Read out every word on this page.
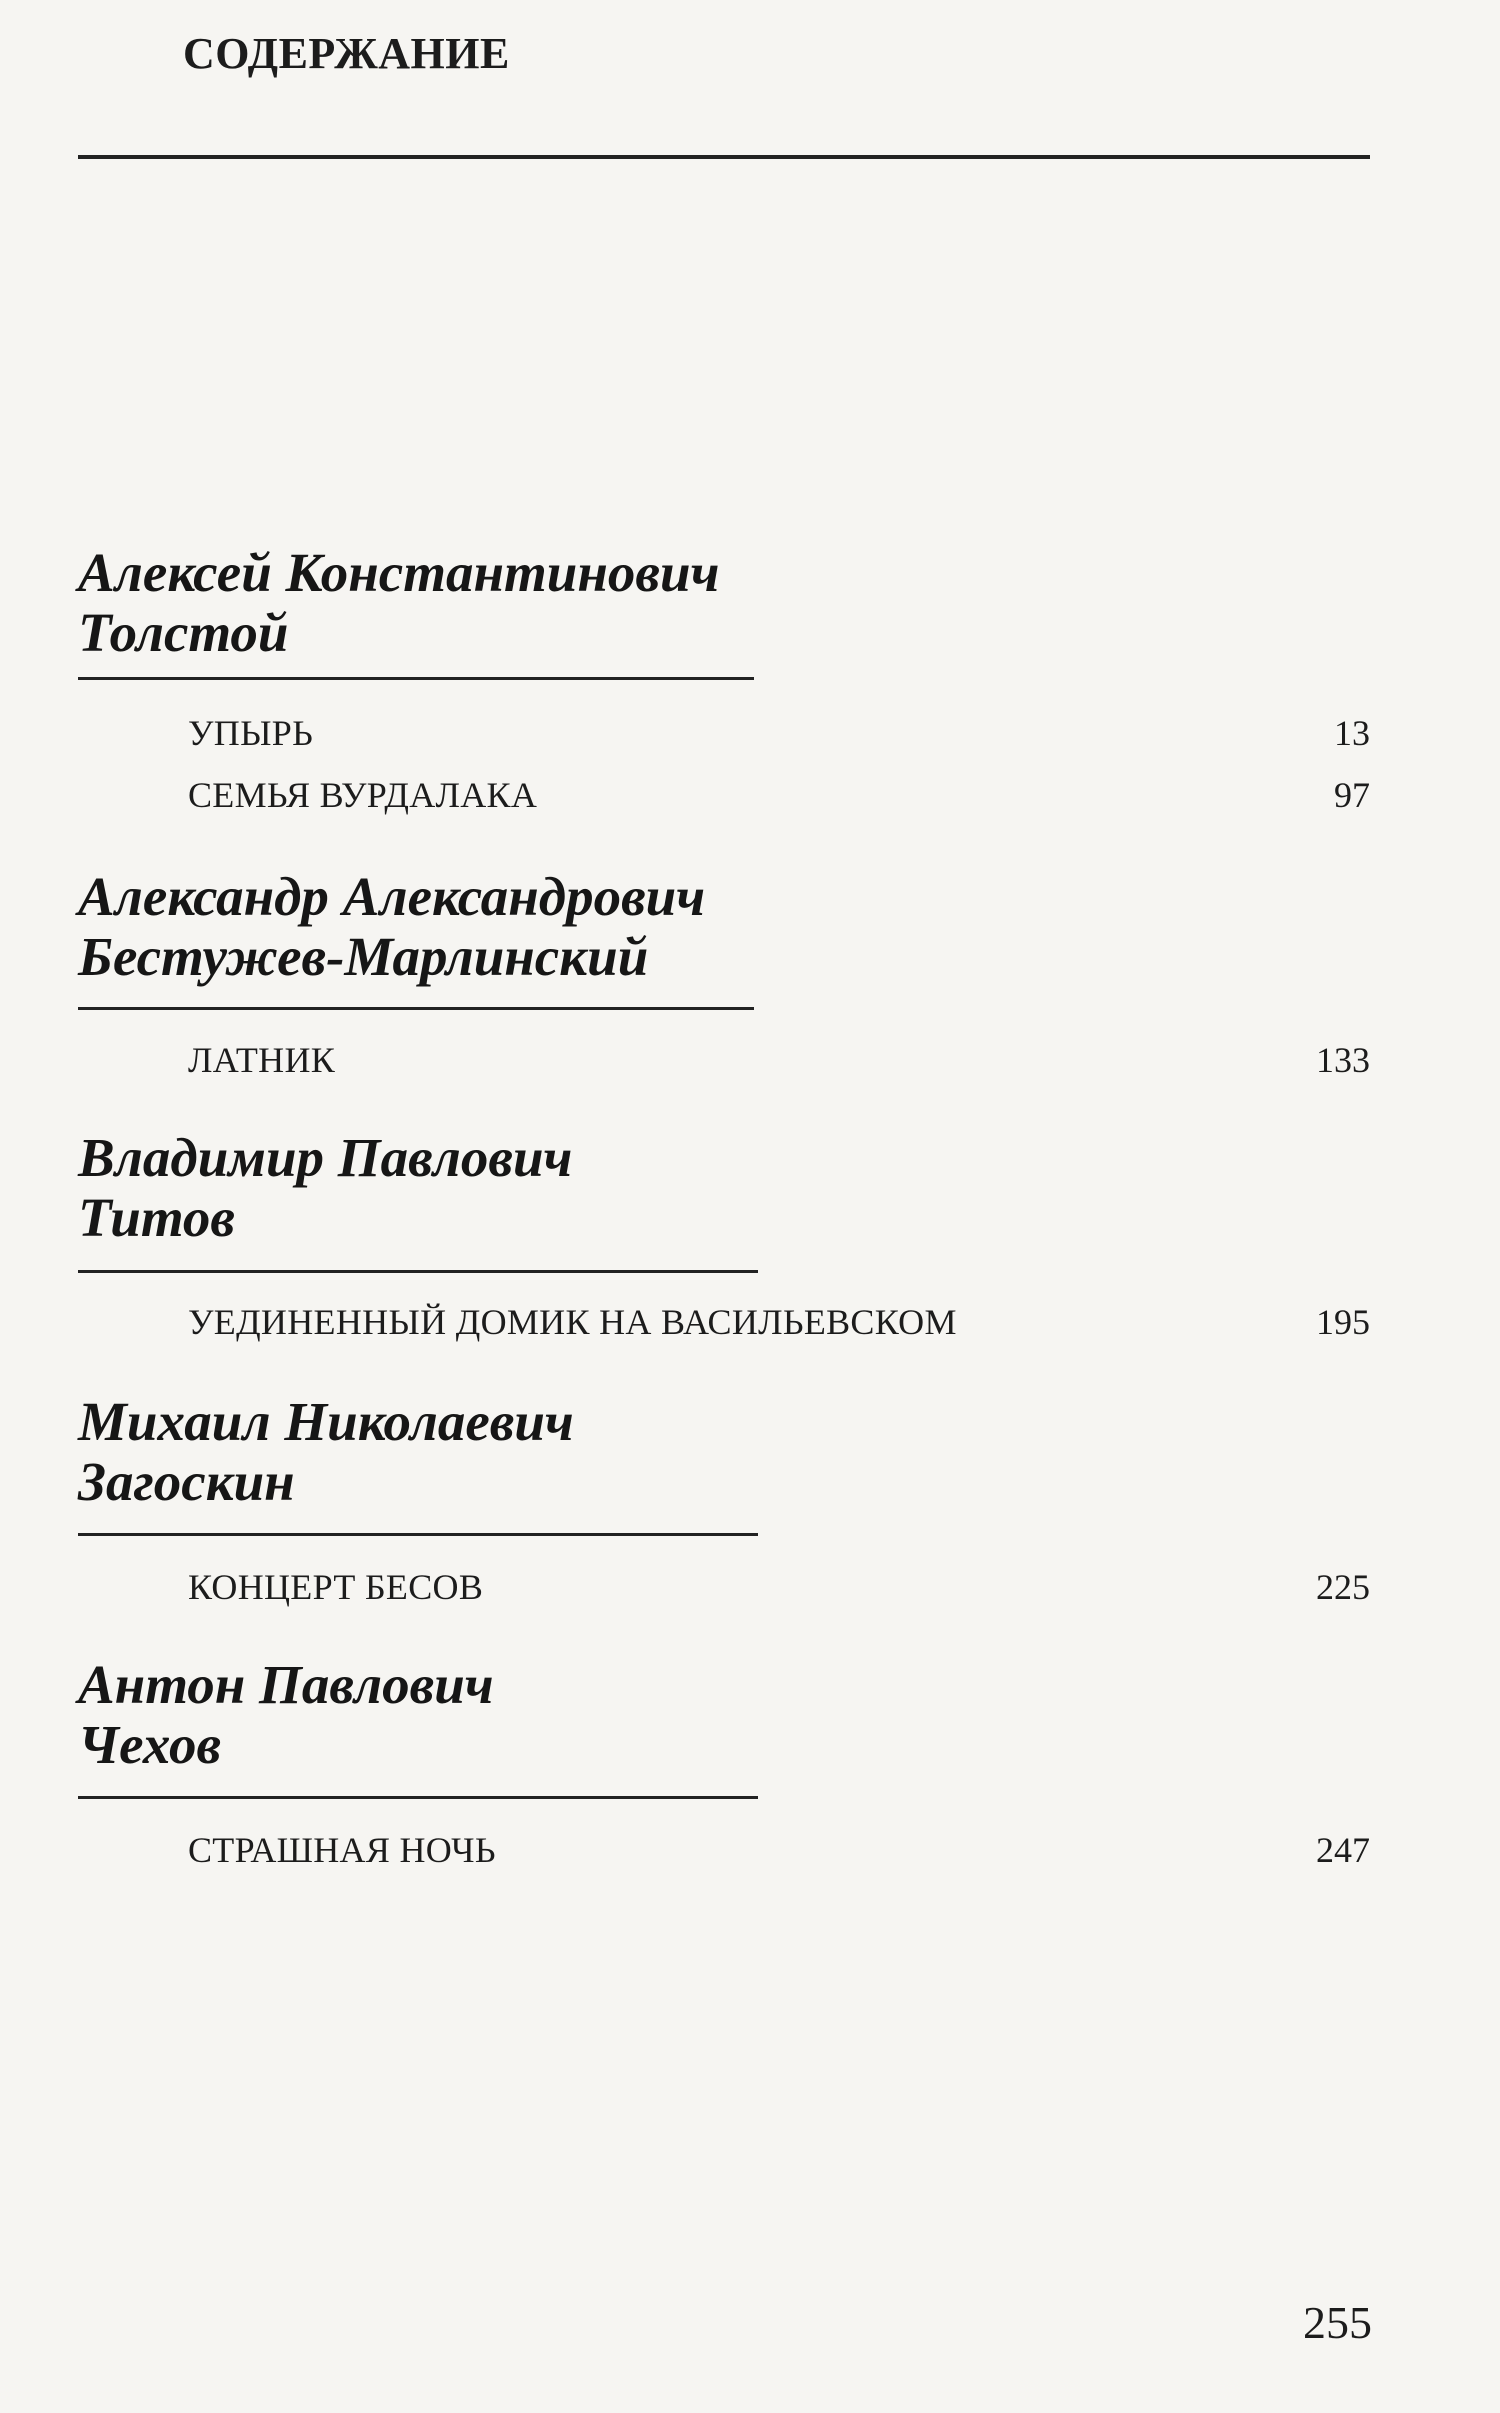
СОДЕРЖАНИЕ
Алексей Константинович
Толстой
УПЫРЬ	13
СЕМЬЯ ВУРДАЛАКА	97
Александр Александрович
Бестужев-Марлинский
ЛАТНИК	133
Владимир Павлович
Титов
УЕДИНЕННЫЙ ДОМИК НА ВАСИЛЬЕВСКОМ	195
Михаил Николаевич
Загоскин
КОНЦЕРТ БЕСОВ	225
Антон Павлович
Чехов
СТРАШНАЯ НОЧЬ	247
255
